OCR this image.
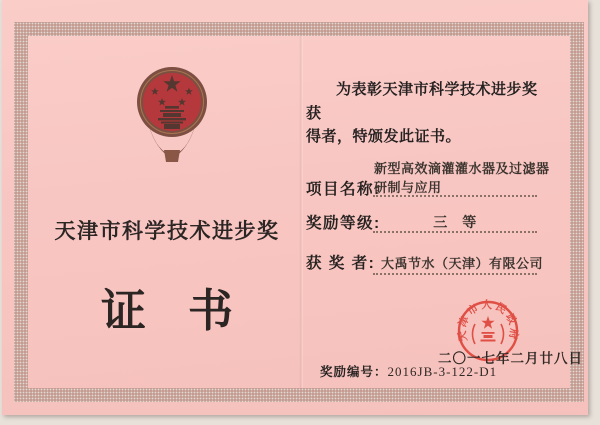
天津市科学技术进步奖
证书
为表彰天津市科学技术进步奖获
得者，特颁发此证书。
项目名称:
新型高效滴灌灌水器及过滤器
研制与应用
奖励等级:	三　等
获 奖 者: 大禹节水（天津）有限公司
天津市人民政府
二〇一七年二月廿八日
奖励编号： 2016JB-3-122-D1
